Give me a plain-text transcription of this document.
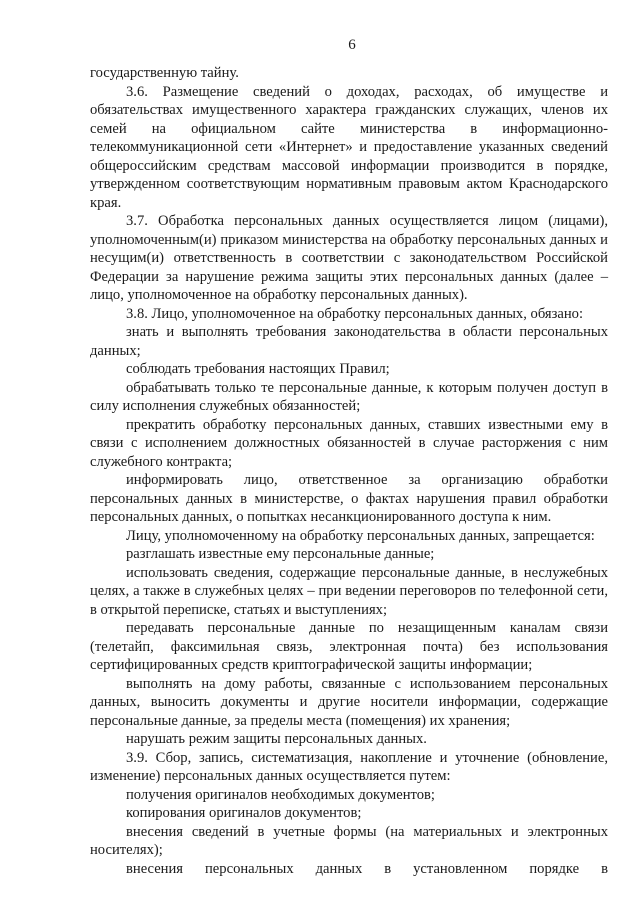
6

государственную тайну.

3.6. Размещение сведений о доходах, расходах, об имуществе и обязательствах имущественного характера гражданских служащих, членов их семей на официальном сайте министерства в информационно-телекоммуникационной сети «Интернет» и предоставление указанных сведений общероссийским средствам массовой информации производится в порядке, утвержденном соответствующим нормативным правовым актом Краснодарского края.

3.7. Обработка персональных данных осуществляется лицом (лицами), уполномоченным(и) приказом министерства на обработку персональных данных и несущим(и) ответственность в соответствии с законодательством Российской Федерации за нарушение режима защиты этих персональных данных (далее – лицо, уполномоченное на обработку персональных данных).

3.8. Лицо, уполномоченное на обработку персональных данных, обязано:

знать и выполнять требования законодательства в области персональных данных;

соблюдать требования настоящих Правил;

обрабатывать только те персональные данные, к которым получен доступ в силу исполнения служебных обязанностей;

прекратить обработку персональных данных, ставших известными ему в связи с исполнением должностных обязанностей в случае расторжения с ним служебного контракта;

информировать лицо, ответственное за организацию обработки персональных данных в министерстве, о фактах нарушения правил обработки персональных данных, о попытках несанкционированного доступа к ним.

Лицу, уполномоченному на обработку персональных данных, запрещается:

разглашать известные ему персональные данные;

использовать сведения, содержащие персональные данные, в неслужебных целях, а также в служебных целях – при ведении переговоров по телефонной сети, в открытой переписке, статьях и выступлениях;

передавать персональные данные по незащищенным каналам связи (телетайп, факсимильная связь, электронная почта) без использования сертифицированных средств криптографической защиты информации;

выполнять на дому работы, связанные с использованием персональных данных, выносить документы и другие носители информации, содержащие персональные данные, за пределы места (помещения) их хранения;

нарушать режим защиты персональных данных.

3.9. Сбор, запись, систематизация, накопление и уточнение (обновление, изменение) персональных данных осуществляется путем:

получения оригиналов необходимых документов;

копирования оригиналов документов;

внесения сведений в учетные формы (на материальных и электронных носителях);

внесения персональных данных в установленном порядке в
